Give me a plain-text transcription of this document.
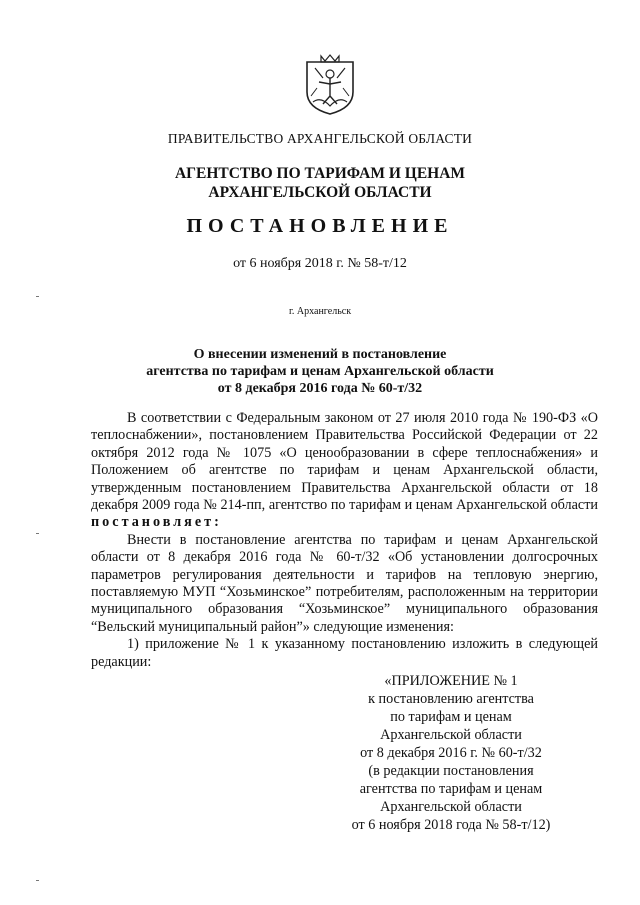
ПРАВИТЕЛЬСТВО АРХАНГЕЛЬСКОЙ ОБЛАСТИ
АГЕНТСТВО ПО ТАРИФАМ И ЦЕНАМ
АРХАНГЕЛЬСКОЙ ОБЛАСТИ
ПОСТАНОВЛЕНИЕ
от 6 ноября 2018 г. № 58-т/12
г. Архангельск
О внесении изменений в постановление
агентства по тарифам и ценам Архангельской области
от 8 декабря 2016 года № 60-т/32

В соответствии с Федеральным законом от 27 июля 2010 года № 190-ФЗ «О теплоснабжении», постановлением Правительства Российской Федерации от 22 октября 2012 года № 1075 «О ценообразовании в сфере теплоснабжения» и Положением об агентстве по тарифам и ценам Архангельской области, утвержденным постановлением Правительства Архангельской области от 18 декабря 2009 года № 214-пп, агентство по тарифам и ценам Архангельской области постановляет:

Внести в постановление агентства по тарифам и ценам Архангельской области от 8 декабря 2016 года № 60-т/32 «Об установлении долгосрочных параметров регулирования деятельности и тарифов на тепловую энергию, поставляемую МУП “Хозьминское” потребителям, расположенным на территории муниципального образования “Хозьминское” муниципального образования “Вельский муниципальный район”» следующие изменения:

1) приложение № 1 к указанному постановлению изложить в следующей редакции:

«ПРИЛОЖЕНИЕ № 1
к постановлению агентства
по тарифам и ценам
Архангельской области
от 8 декабря 2016 г. № 60-т/32
(в редакции постановления
агентства по тарифам и ценам
Архангельской области
от 6 ноября 2018 года № 58-т/12)
